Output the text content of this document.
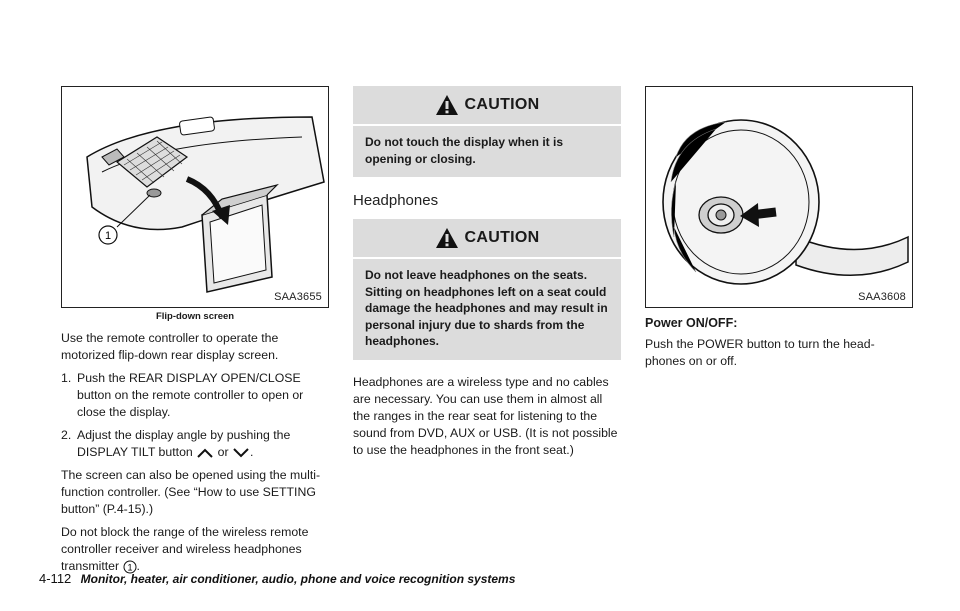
1
SAA3655
Flip-down screen

Use the remote controller to operate the motorized flip-down rear display screen.

1. Push the REAR DISPLAY OPEN/CLOSE button on the remote controller to open or close the display.
2. Adjust the display angle by pushing the DISPLAY TILT button or .

The screen can also be opened using the multi-function controller. (See “How to use SETTING button” (P.4-15).)

Do not block the range of the wireless remote controller receiver and wireless headphones transmitter 1 .

CAUTION
Do not touch the display when it is opening or closing.
Headphones
CAUTION
Do not leave headphones on the seats. Sitting on headphones left on a seat could damage the headphones and may result in personal injury due to shards from the headphones.

Headphones are a wireless type and no cables are necessary. You can use them in almost all the ranges in the rear seat for listening to the sound from DVD, AUX or USB. (It is not possible to use the headphones in the front seat.)

SAA3608
Power ON/OFF:

Push the POWER button to turn the head-phones on or off.

4-112 Monitor, heater, air conditioner, audio, phone and voice recognition systems
